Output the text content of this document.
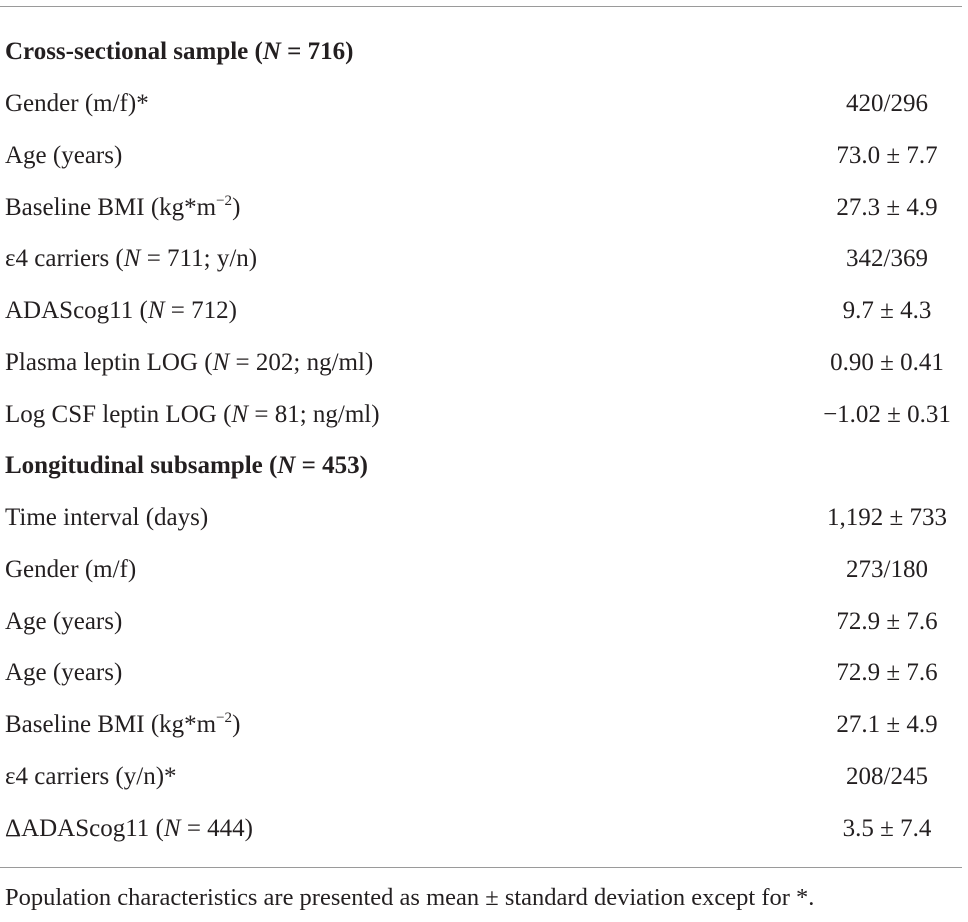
Cross-sectional sample (N = 716)
Gender (m/f)*	420/296
Age (years)	73.0 ± 7.7
Baseline BMI $(kg*m^{-2})$	27.3 ± 4.9
ε4 carriers (N = 711; y/n)	342/369
ADAScog11 (N = 712)	9.7 ± 4.3
Plasma leptin LOG (N = 202; ng/ml)	0.90 ± 0.41
Log CSF leptin LOG (N = 81; ng/ml)	−1.02 ± 0.31
Longitudinal subsample (N = 453)
Time interval (days)	1,192 ± 733
Gender (m/f)	273/180
Age (years)	72.9 ± 7.6
Age (years)	72.9 ± 7.6
Baseline BMI $(kg*m^{-2})$	27.1 ± 4.9
ε4 carriers (y/n)*	208/245
ΔADAScog11 (N = 444)	3.5 ± 7.4
Population characteristics are presented as mean ± standard deviation except for *.
